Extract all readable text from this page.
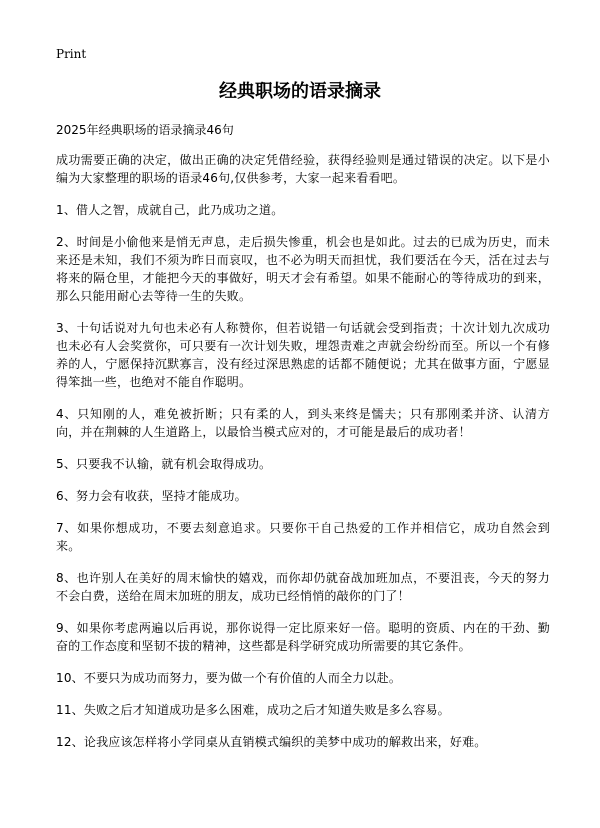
Print
经典职场的语录摘录

2025年经典职场的语录摘录46句

成功需要正确的决定，做出正确的决定凭借经验，获得经验则是通过错误的决定。以下是小编为大家整理的职场的语录46句,仅供参考，大家一起来看看吧。

1、借人之智，成就自己，此乃成功之道。

2、时间是小偷他来是悄无声息，走后损失惨重，机会也是如此。过去的已成为历史，而未来还是未知，我们不须为昨日而哀叹，也不必为明天而担忧，我们要活在今天，活在过去与将来的隔仓里，才能把今天的事做好，明天才会有希望。如果不能耐心的等待成功的到来，那么只能用耐心去等待一生的失败。

3、十句话说对九句也未必有人称赞你，但若说错一句话就会受到指责；十次计划九次成功也未必有人会奖赏你，可只要有一次计划失败，埋怨责难之声就会纷纷而至。所以一个有修养的人，宁愿保持沉默寡言，没有经过深思熟虑的话都不随便说；尤其在做事方面，宁愿显得笨拙一些，也绝对不能自作聪明。

4、只知刚的人，难免被折断；只有柔的人，到头来终是懦夫；只有那刚柔并济、认清方向，并在荆棘的人生道路上，以最恰当模式应对的，才可能是最后的成功者！

5、只要我不认输，就有机会取得成功。

6、努力会有收获，坚持才能成功。

7、如果你想成功，不要去刻意追求。只要你干自己热爱的工作并相信它，成功自然会到来。

8、也许别人在美好的周末愉快的嬉戏，而你却仍就奋战加班加点，不要沮丧，今天的努力不会白费，送给在周末加班的朋友，成功已经悄悄的敲你的门了！

9、如果你考虑两遍以后再说，那你说得一定比原来好一倍。聪明的资质、内在的干劲、勤奋的工作态度和坚韧不拔的精神，这些都是科学研究成功所需要的其它条件。

10、不要只为成功而努力，要为做一个有价值的人而全力以赴。

11、失败之后才知道成功是多么困难，成功之后才知道失败是多么容易。

12、论我应该怎样将小学同桌从直销模式编织的美梦中成功的解救出来，好难。
